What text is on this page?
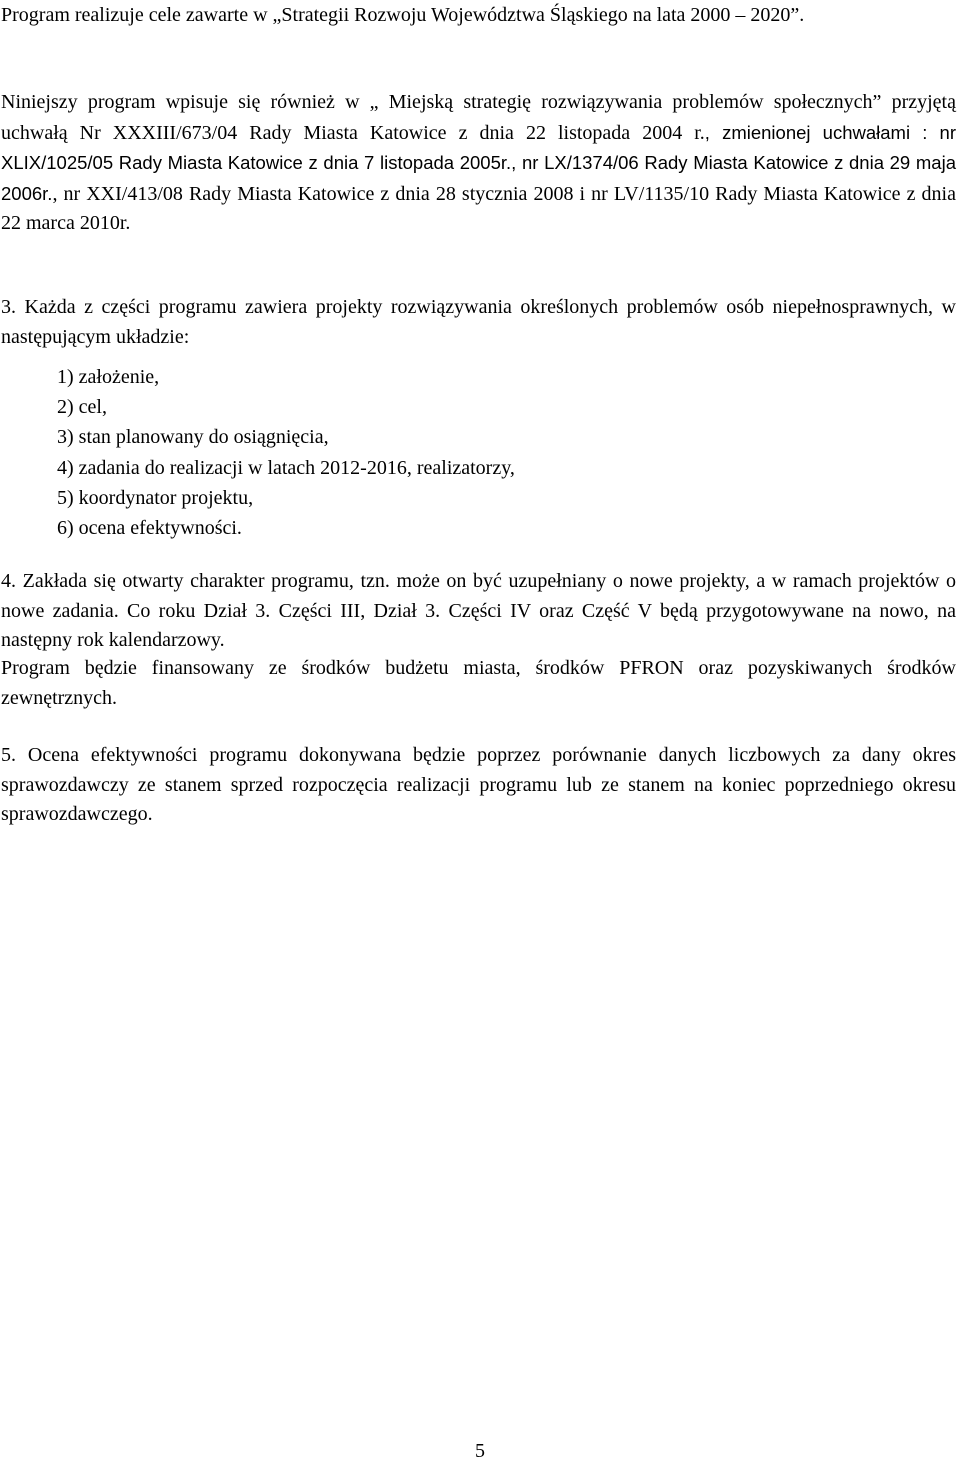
Program realizuje cele zawarte w „Strategii Rozwoju Województwa Śląskiego na lata 2000 – 2020”.

Niniejszy program wpisuje się również w „ Miejską strategię rozwiązywania problemów społecznych” przyjętą uchwałą Nr XXXIII/673/04 Rady Miasta Katowice z dnia 22 listopada 2004 r., zmienionej uchwałami : nr XLIX/1025/05 Rady Miasta Katowice z dnia 7 listopada 2005r., nr LX/1374/06 Rady Miasta Katowice z dnia 29 maja 2006r., nr XXI/413/08 Rady Miasta Katowice z dnia 28 stycznia 2008 i nr LV/1135/10 Rady Miasta Katowice z dnia 22 marca 2010r.

3. Każda z części programu zawiera projekty rozwiązywania określonych problemów osób niepełnosprawnych, w następującym układzie:

1) założenie,
2) cel,
3) stan planowany do osiągnięcia,
4) zadania do realizacji w latach 2012-2016, realizatorzy,
5) koordynator projektu,
6) ocena efektywności.

4. Zakłada się otwarty charakter programu, tzn. może on być uzupełniany o nowe projekty, a w ramach projektów o nowe zadania. Co roku Dział 3. Części III, Dział 3. Części IV oraz Część V będą przygotowywane na nowo, na następny rok kalendarzowy.

Program będzie finansowany ze środków budżetu miasta, środków PFRON oraz pozyskiwanych środków zewnętrznych.

5. Ocena efektywności programu dokonywana będzie poprzez porównanie danych liczbowych za dany okres sprawozdawczy ze stanem sprzed rozpoczęcia realizacji programu lub ze stanem na koniec poprzedniego okresu sprawozdawczego.

5
